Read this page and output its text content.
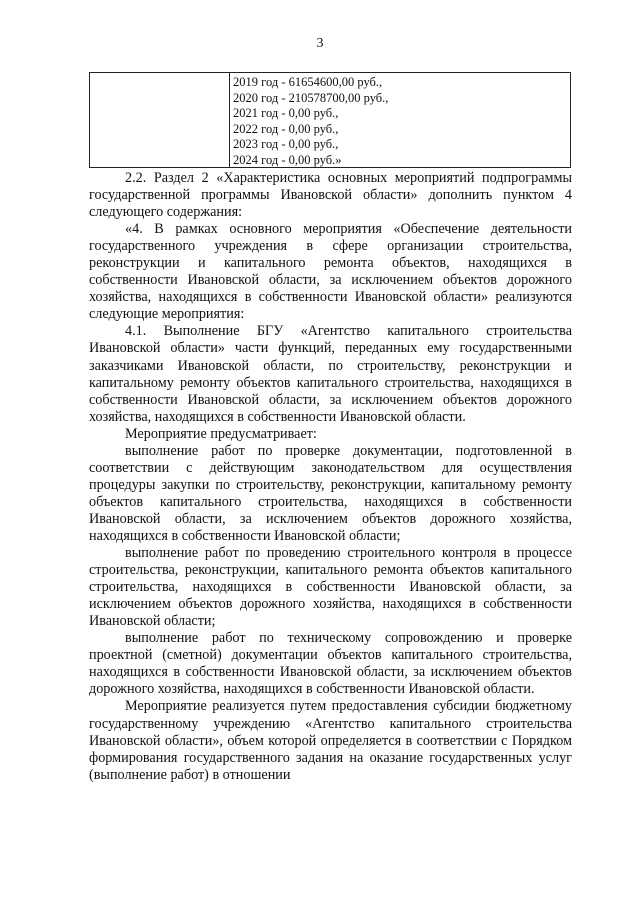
3
2019 год - 61654600,00 руб.,
2020 год - 210578700,00 руб.,
2021 год - 0,00 руб.,
2022 год - 0,00 руб.,
2023 год - 0,00 руб.,
2024 год - 0,00 руб.»

2.2. Раздел 2 «Характеристика основных мероприятий подпрограммы государственной программы Ивановской области» дополнить пунктом 4 следующего содержания:

«4. В рамках основного мероприятия «Обеспечение деятельности государственного учреждения в сфере организации строительства, реконструкции и капитального ремонта объектов, находящихся в собственности Ивановской области, за исключением объектов дорожного хозяйства, находящихся в собственности Ивановской области» реализуются следующие мероприятия:

4.1. Выполнение БГУ «Агентство капитального строительства Ивановской области» части функций, переданных ему государственными заказчиками Ивановской области, по строительству, реконструкции и капитальному ремонту объектов капитального строительства, находящихся в собственности Ивановской области, за исключением объектов дорожного хозяйства, находящихся в собственности Ивановской области.

Мероприятие предусматривает:

выполнение работ по проверке документации, подготовленной в соответствии с действующим законодательством для осуществления процедуры закупки по строительству, реконструкции, капитальному ремонту объектов капитального строительства, находящихся в собственности Ивановской области, за исключением объектов дорожного хозяйства, находящихся в собственности Ивановской области;

выполнение работ по проведению строительного контроля в процессе строительства, реконструкции, капитального ремонта объектов капитального строительства, находящихся в собственности Ивановской области, за исключением объектов дорожного хозяйства, находящихся в собственности Ивановской области;

выполнение работ по техническому сопровождению и проверке проектной (сметной) документации объектов капитального строительства, находящихся в собственности Ивановской области, за исключением объектов дорожного хозяйства, находящихся в собственности Ивановской области.

Мероприятие реализуется путем предоставления субсидии бюджетному государственному учреждению «Агентство капитального строительства Ивановской области», объем которой определяется в соответствии с Порядком формирования государственного задания на оказание государственных услуг (выполнение работ) в отношении
